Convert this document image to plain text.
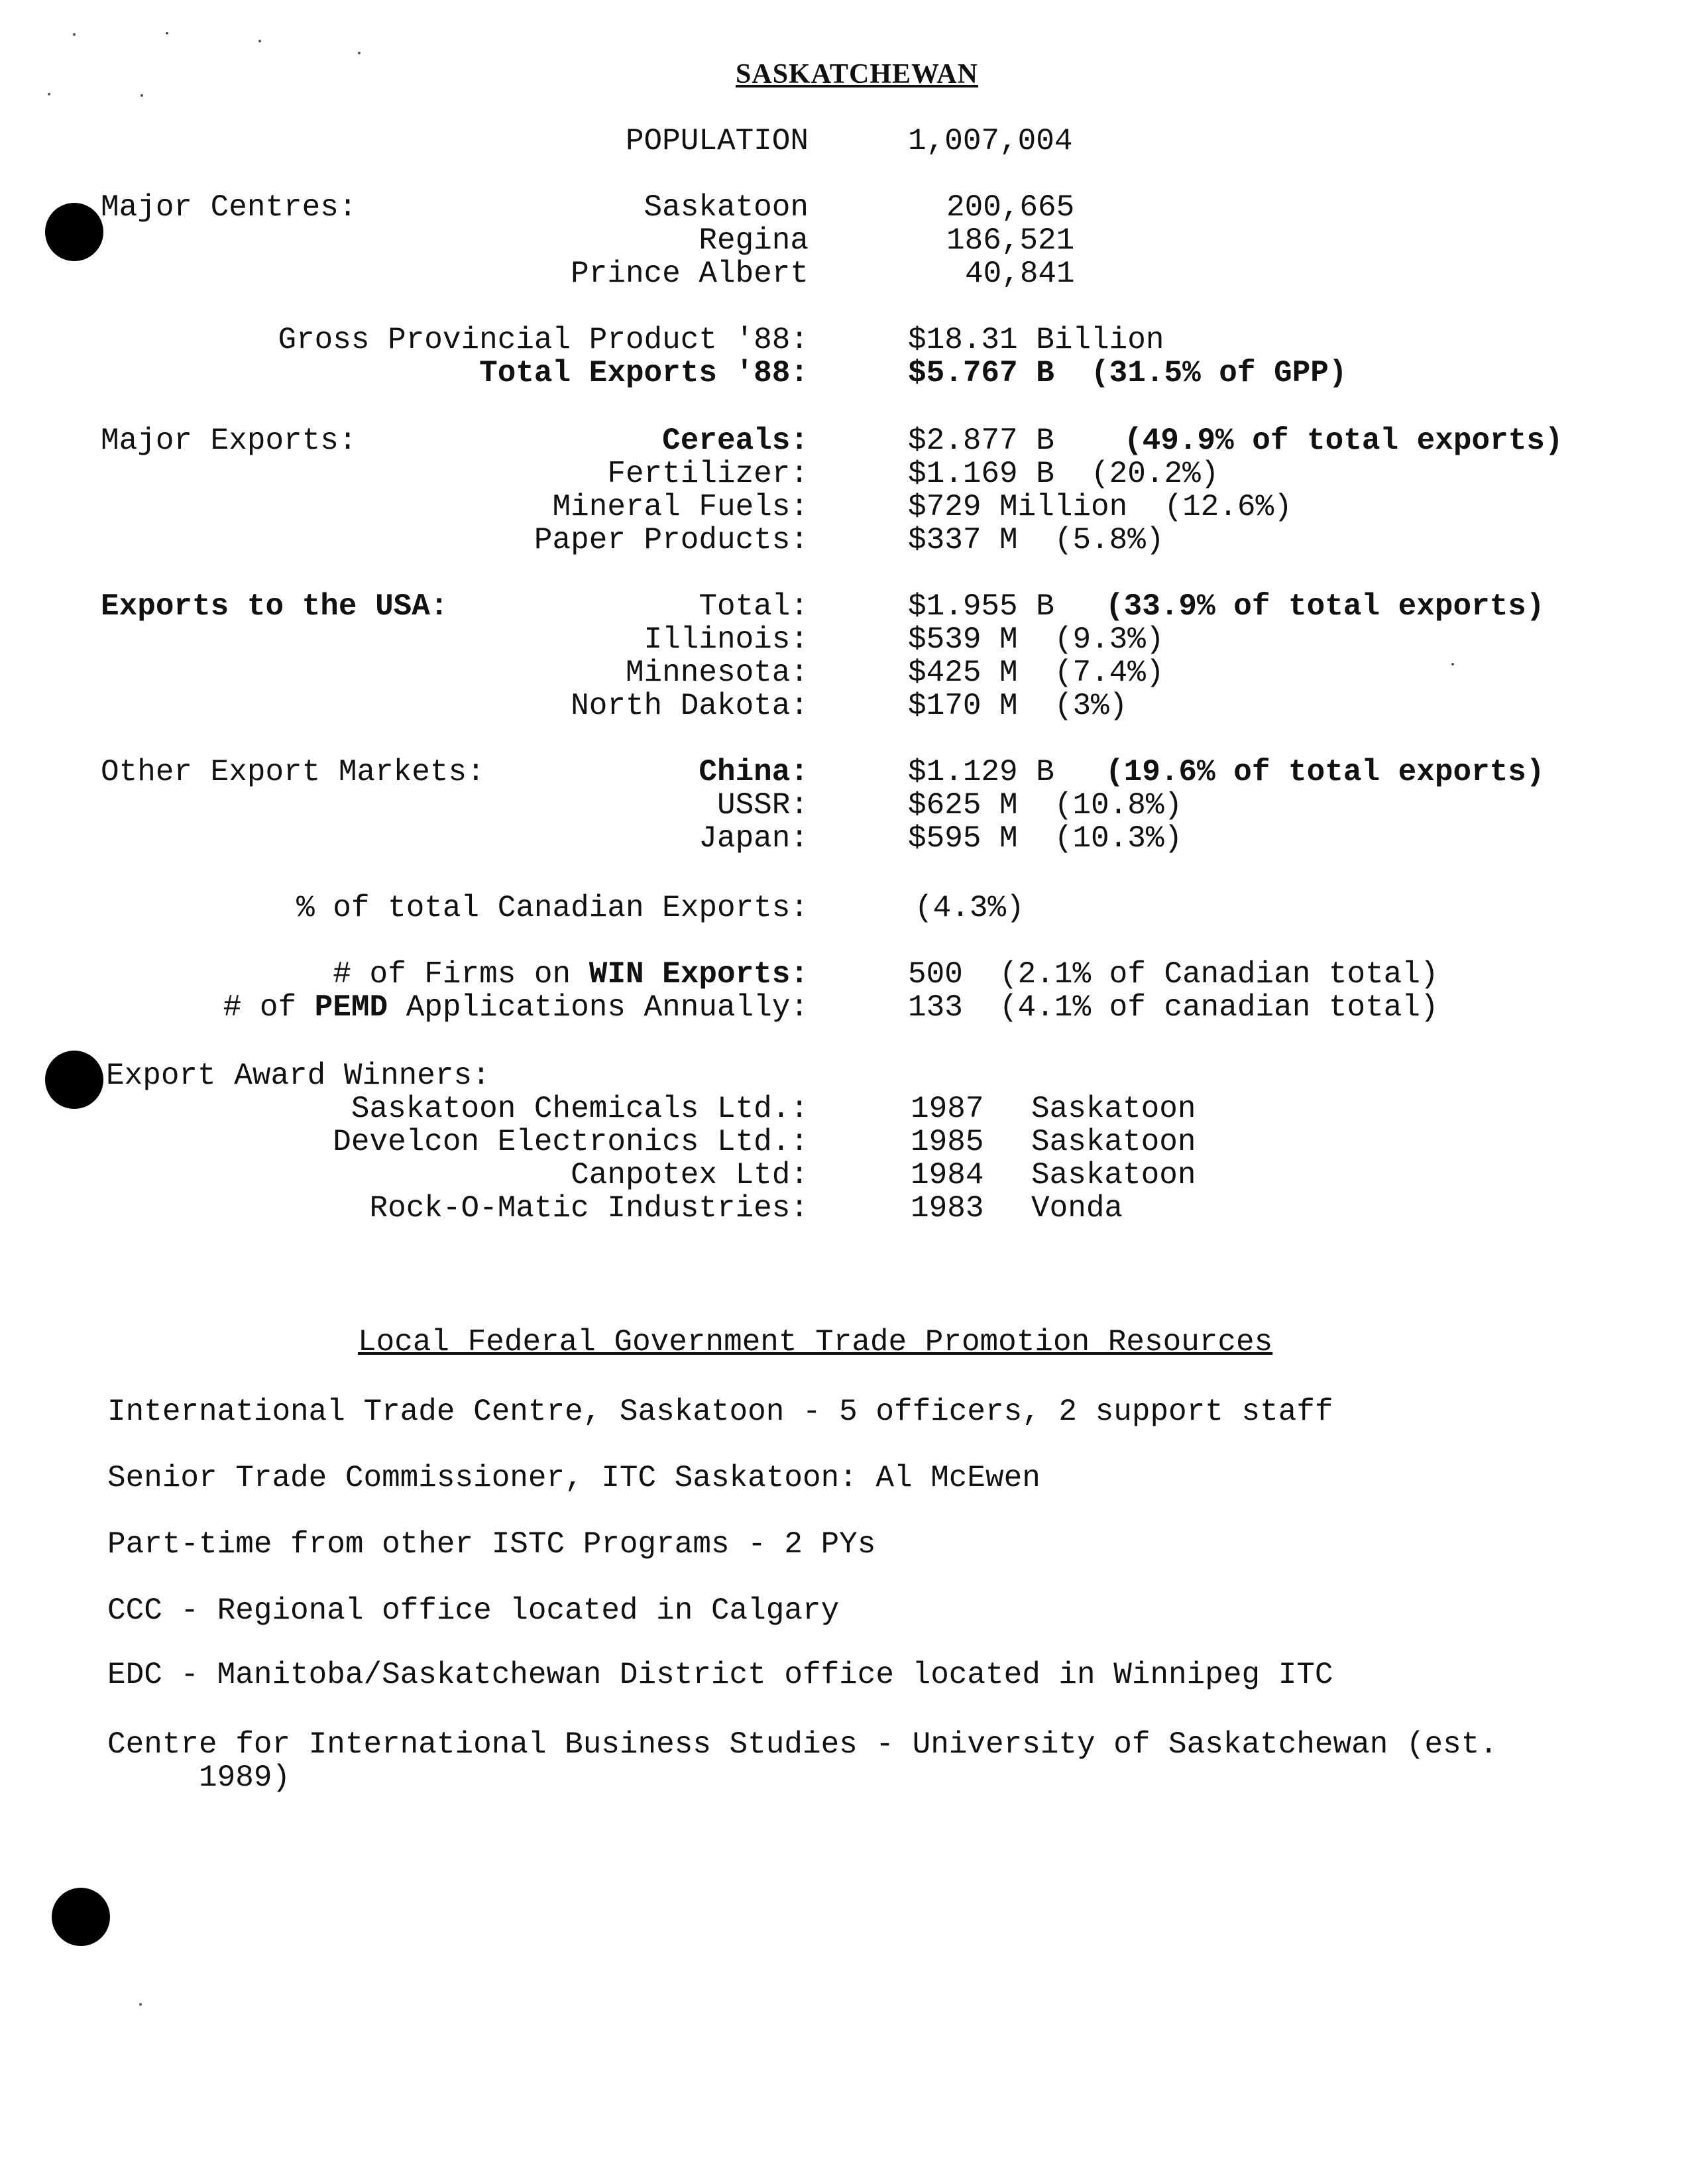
SASKATCHEWAN
POPULATION	1,007,004
Major Centres:	Saskatoon	200,665
Regina	186,521
Prince Albert	40,841
Gross Provincial Product '88:	$18.31 Billion
Total Exports '88:	$5.767 B  (31.5% of GPP)
Major Exports:	Cereals:	$2.877 B (49.9% of total exports)
Fertilizer:	$1.169 B  (20.2%)
Mineral Fuels:	$729 Million  (12.6%)
Paper Products:	$337 M  (5.8%)
Exports to the USA:	Total:	$1.955 B (33.9% of total exports)
Illinois:	$539 M  (9.3%)
Minnesota:	$425 M  (7.4%)
North Dakota:	$170 M  (3%)
Other Export Markets:	China:	$1.129 B (19.6% of total exports)
USSR:	$625 M  (10.8%)
Japan:	$595 M  (10.3%)
% of total Canadian Exports:	(4.3%)
# of Firms on WIN Exports:	500  (2.1% of Canadian total)
# of PEMD Applications Annually:	133  (4.1% of canadian total)
Export Award Winners:
Saskatoon Chemicals Ltd.:	1987 Saskatoon
Develcon Electronics Ltd.:	1985 Saskatoon
Canpotex Ltd:	1984 Saskatoon
Rock-O-Matic Industries:	1983 Vonda
Local Federal Government Trade Promotion Resources
International Trade Centre, Saskatoon - 5 officers, 2 support staff
Senior Trade Commissioner, ITC Saskatoon: Al McEwen
Part-time from other ISTC Programs - 2 PYs
CCC - Regional office located in Calgary
EDC - Manitoba/Saskatchewan District office located in Winnipeg ITC
Centre for International Business Studies - University of Saskatchewan (est.
1989)
